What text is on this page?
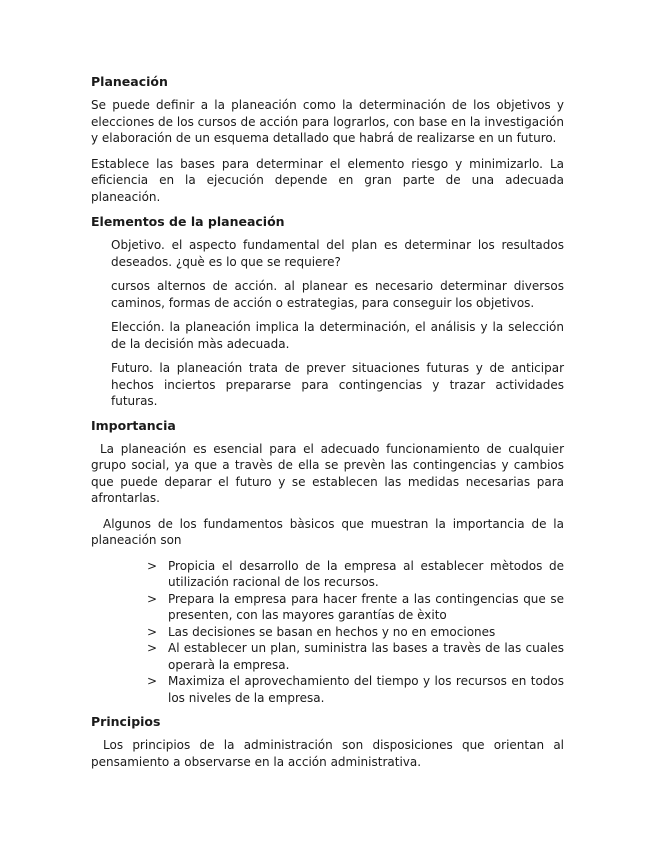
Planeación

Se puede definir a la planeación como la determinación de los objetivos y elecciones de los cursos de acción para lograrlos, con base en la investigación y elaboración de un esquema detallado que habrá de realizarse en un futuro.

Establece las bases para determinar el elemento riesgo y minimizarlo. La eficiencia en la ejecución depende en gran parte de una adecuada planeación.

Elementos de la planeación

Objetivo. el aspecto fundamental del plan es determinar los resultados deseados. ¿què es lo que se requiere?

cursos alternos de acción. al planear es necesario determinar diversos caminos, formas de acción o estrategias, para conseguir los objetivos.

Elección. la planeación implica la determinación, el análisis y la selección de la decisión màs adecuada.

Futuro. la planeación trata de prever situaciones futuras y de anticipar hechos inciertos prepararse para contingencias y trazar actividades futuras.

Importancia

La planeación es esencial para el adecuado funcionamiento de cualquier grupo social, ya que a travès de ella se prevèn las contingencias y cambios que puede deparar el futuro y se establecen las medidas necesarias para afrontarlas.

Algunos de los fundamentos bàsicos que muestran la importancia de la planeación son

> Propicia el desarrollo de la empresa al establecer mètodos de utilización racional de los recursos.
> Prepara la empresa para hacer frente a las contingencias que se presenten, con las mayores garantías de èxito
> Las decisiones se basan en hechos y no en emociones
> Al establecer un plan, suministra las bases a travès de las cuales operarà la empresa.
> Maximiza el aprovechamiento del tiempo y los recursos en todos los niveles de la empresa.
Principios

Los principios de la administración son disposiciones que orientan al pensamiento a observarse en la acción administrativa.
